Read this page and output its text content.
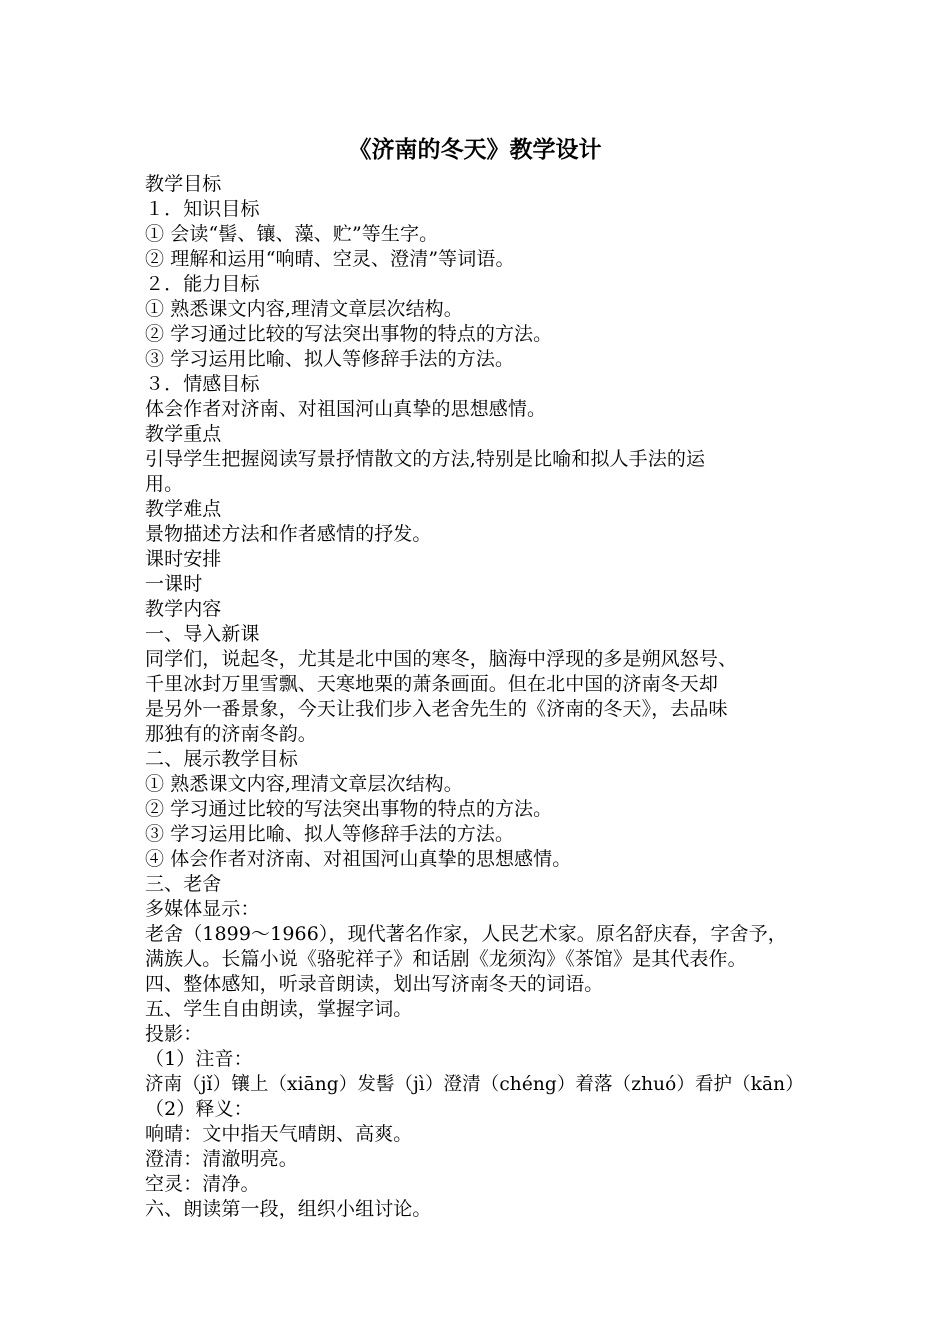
《济南的冬天》教学设计

教学目标

１．知识目标

① 会读“髻、镶、藻、贮”等生字。

② 理解和运用“响晴、空灵、澄清”等词语。

２．能力目标

① 熟悉课文内容,理清文章层次结构。

② 学习通过比较的写法突出事物的特点的方法。

③ 学习运用比喻、拟人等修辞手法的方法。

３．情感目标

体会作者对济南、对祖国河山真挚的思想感情。

教学重点

引导学生把握阅读写景抒情散文的方法,特别是比喻和拟人手法的运

用。

教学难点

景物描述方法和作者感情的抒发。

课时安排

一课时

教学内容

一、导入新课

同学们，说起冬，尤其是北中国的寒冬，脑海中浮现的多是朔风怒号、

千里冰封万里雪飘、天寒地栗的萧条画面。但在北中国的济南冬天却

是另外一番景象，今天让我们步入老舍先生的《济南的冬天》，去品味

那独有的济南冬韵。

二、展示教学目标

① 熟悉课文内容,理清文章层次结构。

② 学习通过比较的写法突出事物的特点的方法。

③ 学习运用比喻、拟人等修辞手法的方法。

④ 体会作者对济南、对祖国河山真挚的思想感情。

三、老舍

多媒体显示：

老舍（1899～1966），现代著名作家，人民艺术家。原名舒庆春，字舍予，

满族人。长篇小说《骆驼祥子》和话剧《龙须沟》《茶馆》是其代表作。

四、整体感知，听录音朗读，划出写济南冬天的词语。

五、学生自由朗读，掌握字词。

投影：

（1）注音：

济南（jǐ）镶上（xiāng）发髻（jì）澄清（chéng）着落（zhuó）看护（kān）

（2）释义：

响晴：文中指天气晴朗、高爽。

澄清：清澈明亮。

空灵：清净。

六、朗读第一段，组织小组讨论。
